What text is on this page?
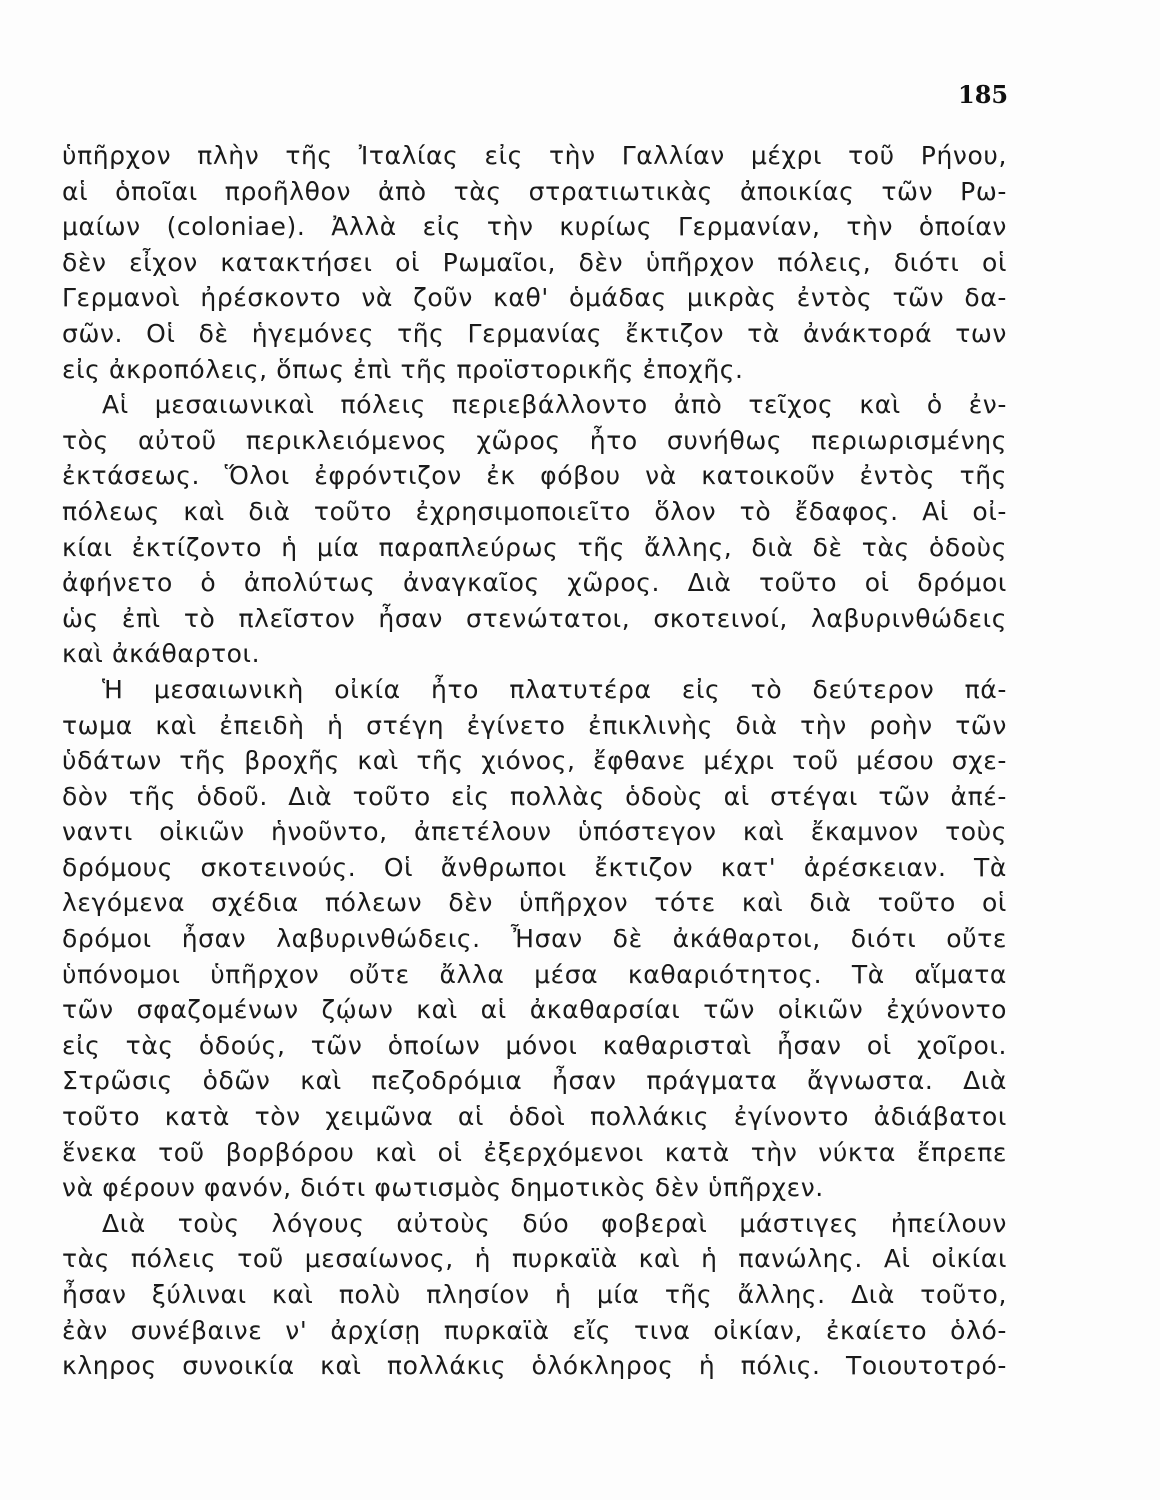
185
ὑπῆρχον πλὴν τῆς Ἰταλίας εἰς τὴν Γαλλίαν μέχρι τοῦ Ρήνου,
αἱ ὁποῖαι προῆλθον ἀπὸ τὰς στρατιωτικὰς ἀποικίας τῶν Ρω-
μαίων (coloniae). Ἀλλὰ εἰς τὴν κυρίως Γερμανίαν, τὴν ὁποίαν
δὲν εἶχον κατακτήσει οἱ Ρωμαῖοι, δὲν ὑπῆρχον πόλεις, διότι οἱ
Γερμανοὶ ἠρέσκοντο νὰ ζοῦν καθ' ὁμάδας μικρὰς ἐντὸς τῶν δα-
σῶν. Οἱ δὲ ἡγεμόνες τῆς Γερμανίας ἔκτιζον τὰ ἀνάκτορά των
εἰς ἀκροπόλεις, ὅπως ἐπὶ τῆς προϊστορικῆς ἐποχῆς.
Αἱ μεσαιωνικαὶ πόλεις περιεβάλλοντο ἀπὸ τεῖχος καὶ ὁ ἐν-
τὸς αὐτοῦ περικλειόμενος χῶρος ἦτο συνήθως περιωρισμένης
ἐκτάσεως. Ὅλοι ἐφρόντιζον ἐκ φόβου νὰ κατοικοῦν ἐντὸς τῆς
πόλεως καὶ διὰ τοῦτο ἐχρησιμοποιεῖτο ὅλον τὸ ἔδαφος. Αἱ οἰ-
κίαι ἐκτίζοντο ἡ μία παραπλεύρως τῆς ἄλλης, διὰ δὲ τὰς ὁδοὺς
ἀφήνετο ὁ ἀπολύτως ἀναγκαῖος χῶρος. Διὰ τοῦτο οἱ δρόμοι
ὡς ἐπὶ τὸ πλεῖστον ἦσαν στενώτατοι, σκοτεινοί, λαβυρινθώδεις
καὶ ἀκάθαρτοι.
Ἡ μεσαιωνικὴ οἰκία ἦτο πλατυτέρα εἰς τὸ δεύτερον πά-
τωμα καὶ ἐπειδὴ ἡ στέγη ἐγίνετο ἐπικλινὴς διὰ τὴν ροὴν τῶν
ὑδάτων τῆς βροχῆς καὶ τῆς χιόνος, ἔφθανε μέχρι τοῦ μέσου σχε-
δὸν τῆς ὁδοῦ. Διὰ τοῦτο εἰς πολλὰς ὁδοὺς αἱ στέγαι τῶν ἀπέ-
ναντι οἰκιῶν ἡνοῦντο, ἀπετέλουν ὑπόστεγον καὶ ἔκαμνον τοὺς
δρόμους σκοτεινούς. Οἱ ἄνθρωποι ἔκτιζον κατ' ἀρέσκειαν. Τὰ
λεγόμενα σχέδια πόλεων δὲν ὑπῆρχον τότε καὶ διὰ τοῦτο οἱ
δρόμοι ἦσαν λαβυρινθώδεις. Ἦσαν δὲ ἀκάθαρτοι, διότι οὔτε
ὑπόνομοι ὑπῆρχον οὔτε ἄλλα μέσα καθαριότητος. Τὰ αἵματα
τῶν σφαζομένων ζῴων καὶ αἱ ἀκαθαρσίαι τῶν οἰκιῶν ἐχύνοντο
εἰς τὰς ὁδούς, τῶν ὁποίων μόνοι καθαρισταὶ ἦσαν οἱ χοῖροι.
Στρῶσις ὁδῶν καὶ πεζοδρόμια ἦσαν πράγματα ἄγνωστα. Διὰ
τοῦτο κατὰ τὸν χειμῶνα αἱ ὁδοὶ πολλάκις ἐγίνοντο ἀδιάβατοι
ἕνεκα τοῦ βορβόρου καὶ οἱ ἐξερχόμενοι κατὰ τὴν νύκτα ἔπρεπε
νὰ φέρουν φανόν, διότι φωτισμὸς δημοτικὸς δὲν ὑπῆρχεν.
Διὰ τοὺς λόγους αὐτοὺς δύο φοβεραὶ μάστιγες ἠπείλουν
τὰς πόλεις τοῦ μεσαίωνος, ἡ πυρκαϊὰ καὶ ἡ πανώλης. Αἱ οἰκίαι
ἦσαν ξύλιναι καὶ πολὺ πλησίον ἡ μία τῆς ἄλλης. Διὰ τοῦτο,
ἐὰν συνέβαινε ν' ἀρχίσῃ πυρκαϊὰ εἴς τινα οἰκίαν, ἐκαίετο ὁλό-
κληρος συνοικία καὶ πολλάκις ὁλόκληρος ἡ πόλις. Τοιουτοτρό-
